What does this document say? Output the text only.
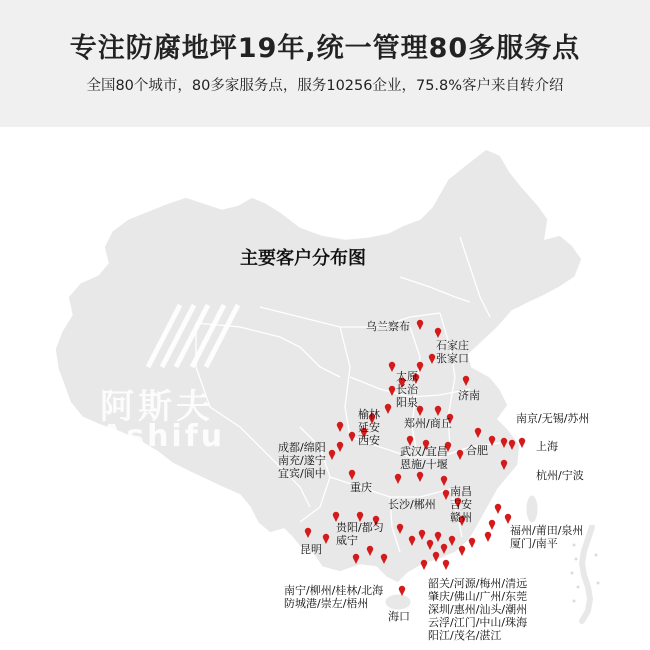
专注防腐地坪19年,统一管理80多服务点
全国80个城市，80多家服务点，服务10256企业，75.8%客户来自转介绍
阿斯夫
Ashifu
主要客户分布图
乌兰察布
石家庄
张家口
太原
长治
阳泉
济南
榆林
延安
西安
郑州/商丘	南京/无锡/苏州
上海
成都/绵阳
南充/遂宁
宜宾/阆中
武汉/宜昌
恩施/十堰
合肥
杭州/宁波
重庆	南昌
吉安
赣州
长沙/郴州
贵阳/都匀
威宁
福州/莆田/泉州
厦门/南平
昆明
南宁/柳州/桂林/北海
防城港/崇左/梧州
韶关/河源/梅州/清远
肇庆/佛山/广州/东莞
深圳/惠州/汕头/潮州
云浮/江门/中山/珠海
阳江/茂名/湛江
海口
